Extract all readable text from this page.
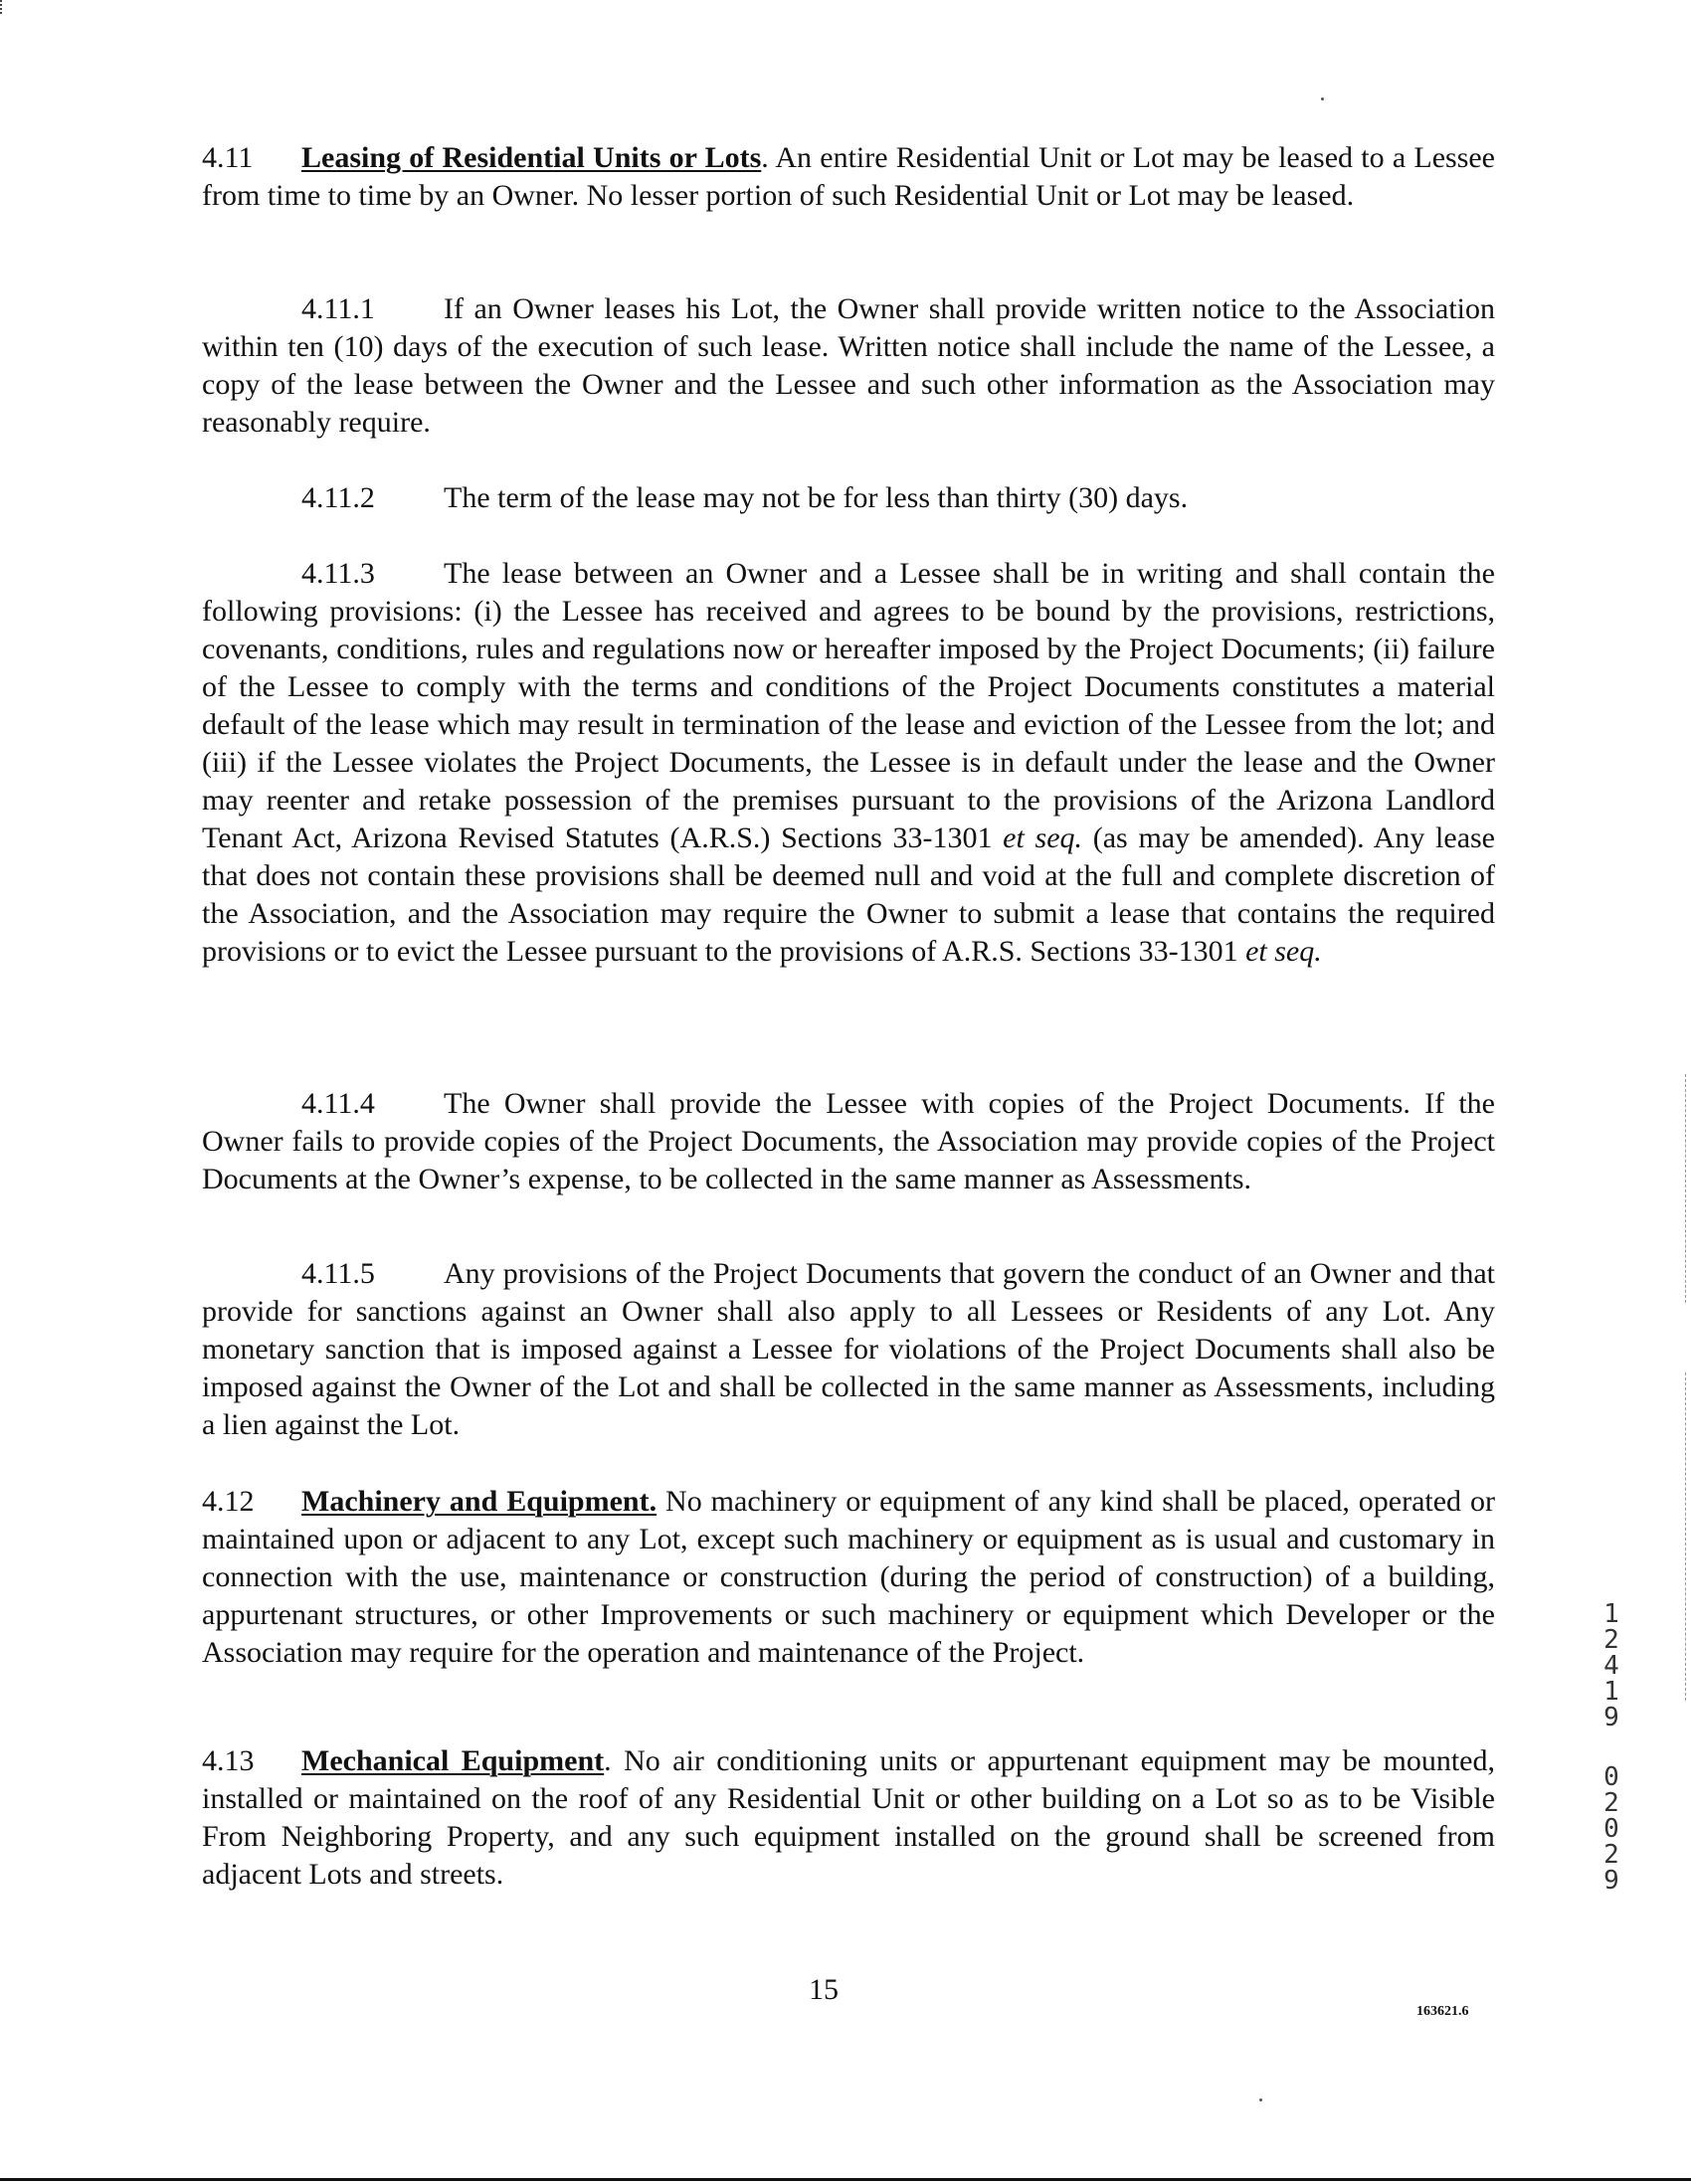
4.11 Leasing of Residential Units or Lots. An entire Residential Unit or Lot may be leased to a Lessee from time to time by an Owner. No lesser portion of such Residential Unit or Lot may be leased.

4.11.1 If an Owner leases his Lot, the Owner shall provide written notice to the Association within ten (10) days of the execution of such lease. Written notice shall include the name of the Lessee, a copy of the lease between the Owner and the Lessee and such other information as the Association may reasonably require.

4.11.2 The term of the lease may not be for less than thirty (30) days.

4.11.3 The lease between an Owner and a Lessee shall be in writing and shall contain the following provisions: (i) the Lessee has received and agrees to be bound by the provisions, restrictions, covenants, conditions, rules and regulations now or hereafter imposed by the Project Documents; (ii) failure of the Lessee to comply with the terms and conditions of the Project Documents constitutes a material default of the lease which may result in termination of the lease and eviction of the Lessee from the lot; and (iii) if the Lessee violates the Project Documents, the Lessee is in default under the lease and the Owner may reenter and retake possession of the premises pursuant to the provisions of the Arizona Landlord Tenant Act, Arizona Revised Statutes (A.R.S.) Sections 33-1301 et seq. (as may be amended). Any lease that does not contain these provisions shall be deemed null and void at the full and complete discretion of the Association, and the Association may require the Owner to submit a lease that contains the required provisions or to evict the Lessee pursuant to the provisions of A.R.S. Sections 33-1301 et seq.

4.11.4 The Owner shall provide the Lessee with copies of the Project Documents. If the Owner fails to provide copies of the Project Documents, the Association may provide copies of the Project Documents at the Owner’s expense, to be collected in the same manner as Assessments.

4.11.5 Any provisions of the Project Documents that govern the conduct of an Owner and that provide for sanctions against an Owner shall also apply to all Lessees or Residents of any Lot. Any monetary sanction that is imposed against a Lessee for violations of the Project Documents shall also be imposed against the Owner of the Lot and shall be collected in the same manner as Assessments, including a lien against the Lot.

4.12 Machinery and Equipment. No machinery or equipment of any kind shall be placed, operated or maintained upon or adjacent to any Lot, except such machinery or equipment as is usual and customary in connection with the use, maintenance or construction (during the period of construction) of a building, appurtenant structures, or other Improvements or such machinery or equipment which Developer or the Association may require for the operation and maintenance of the Project.

4.13 Mechanical Equipment. No air conditioning units or appurtenant equipment may be mounted, installed or maintained on the roof of any Residential Unit or other building on a Lot so as to be Visible From Neighboring Property, and any such equipment installed on the ground shall be screened from adjacent Lots and streets.

1
2
4
1
9
0
2
0
2
9
15
163621.6
